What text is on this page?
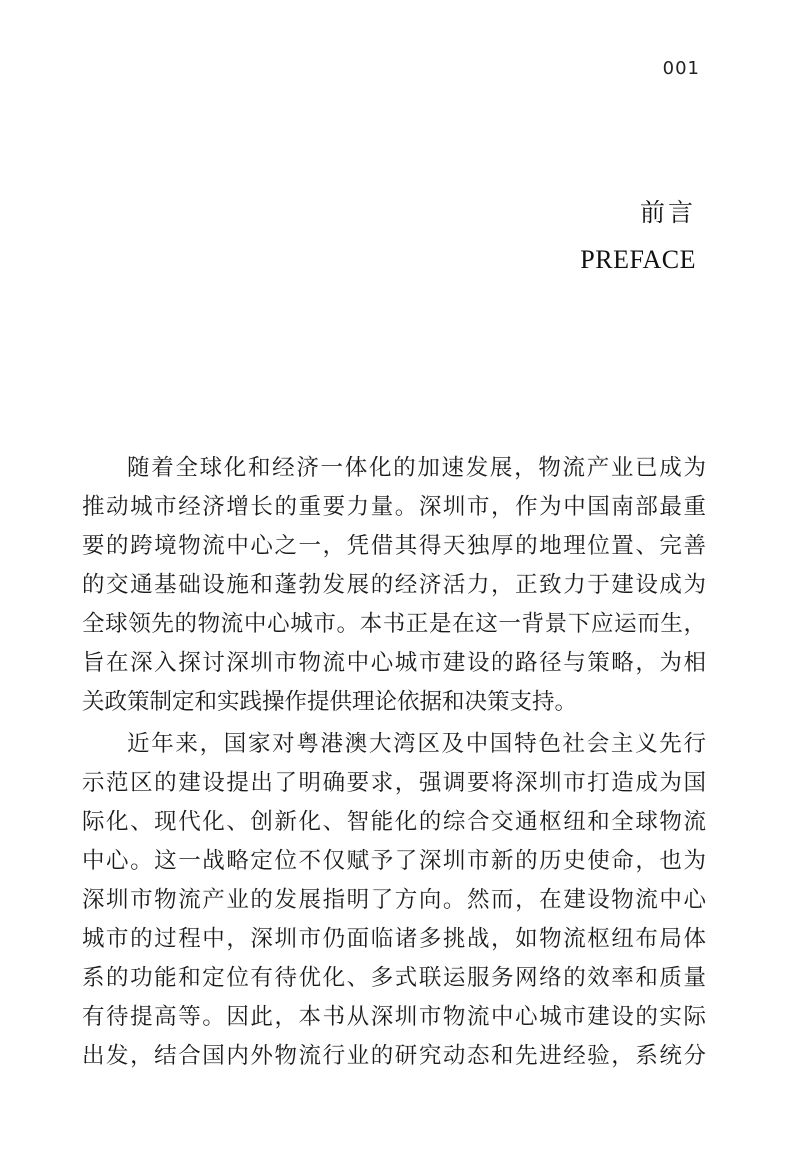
001
前言
PREFACE
随着全球化和经济一体化的加速发展，物流产业已成为
推动城市经济增长的重要力量。深圳市，作为中国南部最重
要的跨境物流中心之一，凭借其得天独厚的地理位置、完善
的交通基础设施和蓬勃发展的经济活力，正致力于建设成为
全球领先的物流中心城市。本书正是在这一背景下应运而生，
旨在深入探讨深圳市物流中心城市建设的路径与策略，为相
关政策制定和实践操作提供理论依据和决策支持。
近年来，国家对粤港澳大湾区及中国特色社会主义先行
示范区的建设提出了明确要求，强调要将深圳市打造成为国
际化、现代化、创新化、智能化的综合交通枢纽和全球物流
中心。这一战略定位不仅赋予了深圳市新的历史使命，也为
深圳市物流产业的发展指明了方向。然而，在建设物流中心
城市的过程中，深圳市仍面临诸多挑战，如物流枢纽布局体
系的功能和定位有待优化、多式联运服务网络的效率和质量
有待提高等。因此，本书从深圳市物流中心城市建设的实际
出发，结合国内外物流行业的研究动态和先进经验，系统分
